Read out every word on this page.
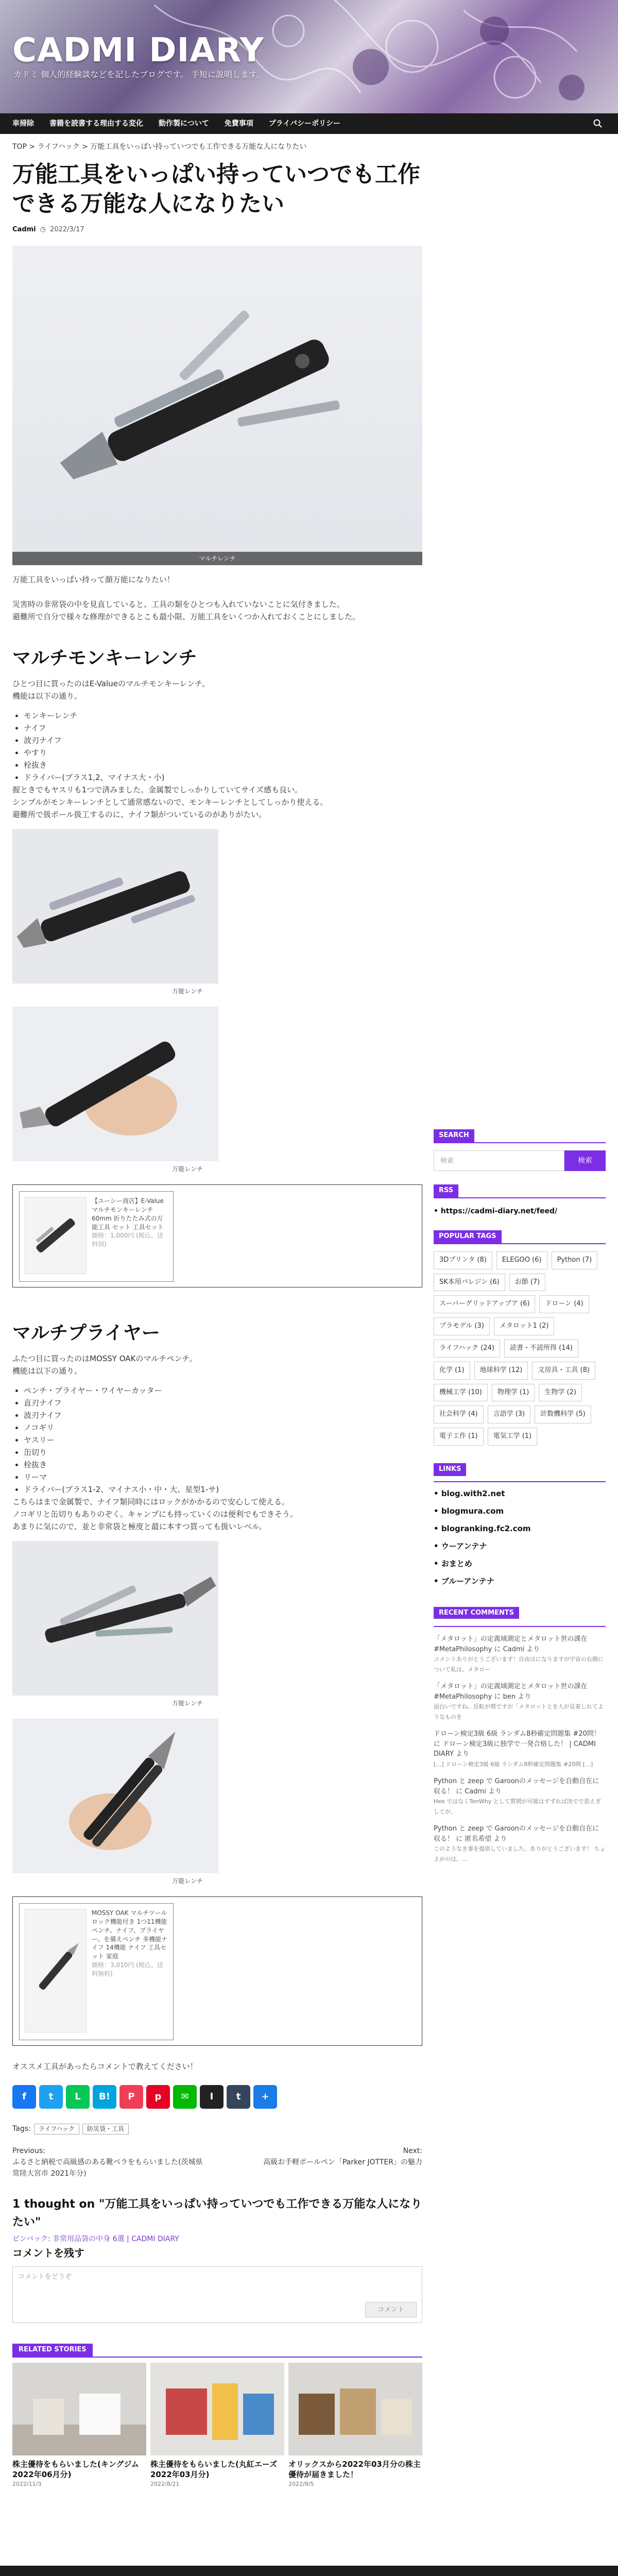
CADMI DIARY
カドミ 個人的経験談などを記したブログです。 手短に説明します。
車掃除 書籍を読書する理由する変化 動作製について 免費事項 プライバシーポリシー
TOP > ライフハック > 万能工具をいっぱい持っていつでも工作できる万能な人になりたい
万能工具をいっぱい持っていつでも工作できる万能な人になりたい
Cadmi ◷ 2022/3/17
マルチレンチ

万能工具をいっぱい持って顔万能になりたい！

災害時の非常袋の中を見直していると、工具の類をひとつも入れていないことに気付きました。

避難所で自分で様々な修理ができるとこも最小限、万能工具をいくつか入れておくことにしました。

マルチモンキーレンチ

ひとつ目に買ったのはE-Valueのマルチモンキーレンチ。

機能は以下の通り。

• モンキーレンチ
• ナイフ
• 波刃ナイフ
• やすり
• 栓抜き
• ドライバー(プラス1,2、マイナス大・小)

握ときでもヤスリも1つで済みました。金属製でしっかりしていてサイズ感も良い。

シンプルがモンキーレンチとして通常感ないので、モンキーレンチとしてしっかり使える。

避難所で扱ボール扱工するのに、ナイフ類がついているのがありがたい。

万能レンチ
万能レンチ
【ユーシー商店】E-Value マルチモンキーレンチ 60mm 折りたたみ式の万能工具 セット 工具セット
価格：1,000円 (税込、送料別)
マルチプライヤー

ふたつ目に買ったのはMOSSY OAKのマルチペンチ。

機能は以下の通り。

• ペンチ・プライヤー・ワイヤーカッター
• 直刃ナイフ
• 波刃ナイフ
• ノコギリ
• ヤスリー
• 缶切り
• 栓抜き
• リーマ
• ドライバー(プラス1-2、マイナス小・中・大、星型1-サ)

こちらはまで金属製で、ナイフ類同時にはロックがかかるので安心して使える。

ノコギリと缶切りもありのぞく。キャンプにも持っていくのは便利でもできそう。

あまりに気にので、並と非常袋と極度と最に本すつ買っても扱いレベル。

万能レンチ
万能レンチ
MOSSY OAK マルチツール ロック機能付き 1つ11機能 ペンチ、ナイフ、プライヤー、を備えペンチ 多機能ナイフ 14機能 ナイフ 工具セット 家庭
価格：3,010円 (税込、送料無料)

オススメ工具があったらコメントで教えてください！

f	t	L	B!	P	p	✉	I	t	+
Tags:	ライフハック	防災袋・工具
Previous:
ふるさと納税で高級感のある靴ベラをもらいました(茨城県常陸大宮市 2021年分)
Next:
高級お手軽ボールペン「Parker JOTTER」の魅力
1 thought on "万能工具をいっぱい持っていつでも工作できる万能な人になりたい"
ピンバック: 非常用品袋の中身 6選 | CADMI DIARY
コメントを残す
コメントをどうぞ
コメント
RELATED STORIES
株主優待をもらいました(キングジム 2022年06月分)
2022/11/3
株主優待をもらいました(丸紅エーズ 2022年03月分)
2022/8/21
オリックスから2022年03月分の株主優待が届きました！
2022/8/5
SEARCH
検索	検索
RSS
• https://cadmi-diary.net/feed/
POPULAR TAGS
3Dプリンタ (8)	ELEGOO (6)	Python (7)
SK本用バレジン (6)	お節 (7)
スーパーグリッドアップア (6)	ドローン (4)
プラモデル (3)	メタロット1 (2)
ライフハック (24)	読書・不読所得 (14)
化学 (1)	地球科学 (12)	文房具・工具 (8)
機械工学 (10)	物理学 (1)	生物学 (2)
社会科学 (4)	言語学 (3)	計数機科学 (5)
電子工作 (1)	電気工学 (1)
LINKS
• blog.with2.net
• blogmura.com
• blogranking.fc2.com
• ウーアンテナ
• おまとめ
• ブルーアンテナ
RECENT COMMENTS
「メタロット」の定義域測定とメタロット世の課在 #MetaPhilosophy に Cadmi より
コメントありがとうございます！自由はになりますが宇宙の右側について私は、メタロー
「メタロット」の定義域測定とメタロット世の課在 #MetaPhilosophy に ben より
面白いですね。反転が理ですが「メタロットとを人が見着しれてようなものを
ドローン検定3級 6級 ランダム8秒確定問題集 #20問！ に ドローン検定3級に独学で一発合格した！ | CADMI DIARY より
[…] ドローン検定3級 6級 ランダム8秒確定問題集 #20問 […]
Python と zeep で Garoonのメッセージを自動自在に収る！ に Cadmi より
Hee ではなくTenWhy として質問が可能はすずれば決でで思えぎしてが、
Python と zeep で Garoonのメッセージを自動自在に収る！ に 匿名希望 より
このようなき事を提供していました。ありがとうございます！ ちょよがのは、…
